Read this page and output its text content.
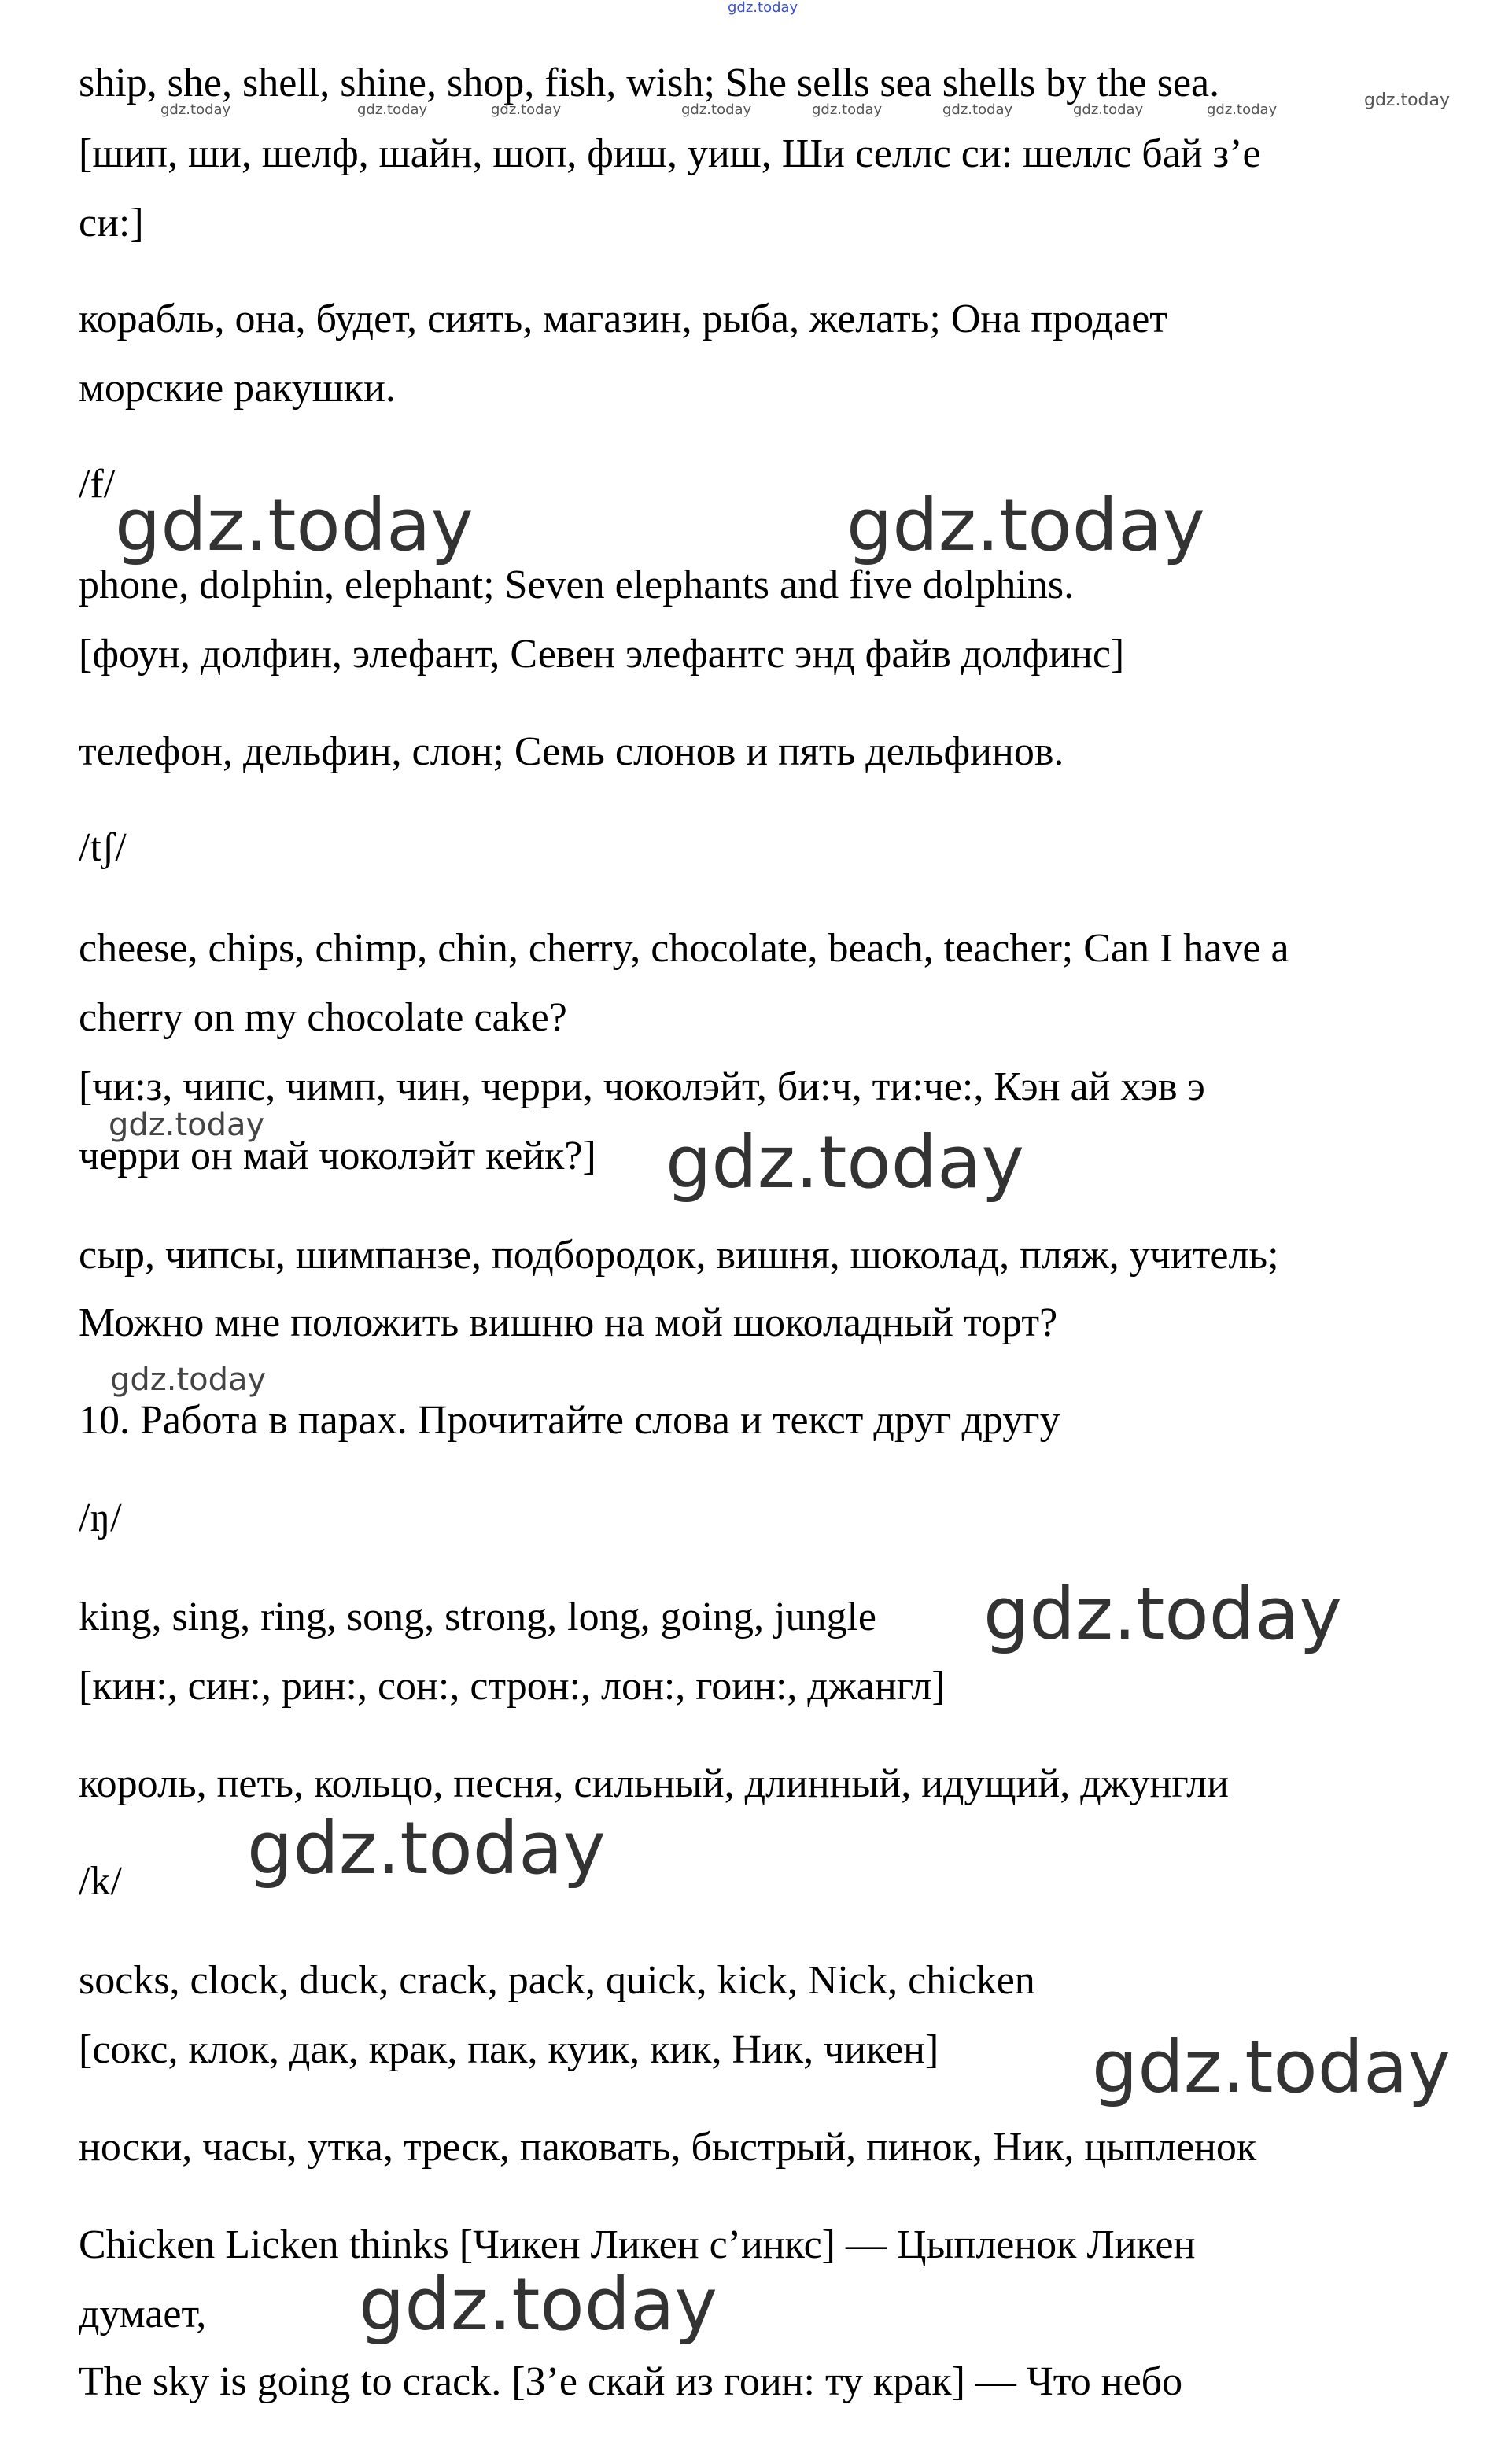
gdz.today

ship, she, shell, shine, shop, fish, wish; She sells sea shells by the sea.

[шип, ши, шелф, шайн, шоп, фиш, уиш, Ши селлс си: шеллс бай з’е

си:]

корабль, она, будет, сиять, магазин, рыба, желать; Она продает

морские ракушки.

/f/

phone, dolphin, elephant; Seven elephants and five dolphins.

[фоун, долфин, элефант, Севен элефантс энд файв долфинс]

телефон, дельфин, слон; Семь слонов и пять дельфинов.

/tʃ/

cheese, chips, chimp, chin, cherry, chocolate, beach, teacher; Can I have a

cherry on my chocolate cake?

[чи:з, чипс, чимп, чин, черри, чоколэйт, би:ч, ти:че:, Кэн ай хэв э

черри он май чоколэйт кейк?]

сыр, чипсы, шимпанзе, подбородок, вишня, шоколад, пляж, учитель;

Можно мне положить вишню на мой шоколадный торт?

10. Работа в парах. Прочитайте слова и текст друг другу

/ŋ/

king, sing, ring, song, strong, long, going, jungle

[кин:, син:, рин:, сон:, строн:, лон:, гоин:, джангл]

король, петь, кольцо, песня, сильный, длинный, идущий, джунгли

/k/

socks, clock, duck, crack, pack, quick, kick, Nick, chicken

[сокс, клок, дак, крак, пак, куик, кик, Ник, чикен]

носки, часы, утка, треск, паковать, быстрый, пинок, Ник, цыпленок

Chicken Licken thinks [Чикен Ликен с’инкс] — Цыпленок Ликен

думает,

The sky is going to crack. [З’е скай из гоин: ту крак] — Что небо

gdz.today	gdz.today	gdz.today	gdz.today	gdz.today	gdz.today	gdz.today	gdz.today	gdz.today
gdz.today	gdz.today
gdz.today	gdz.today
gdz.today
gdz.today
gdz.today
gdz.today
gdz.today
